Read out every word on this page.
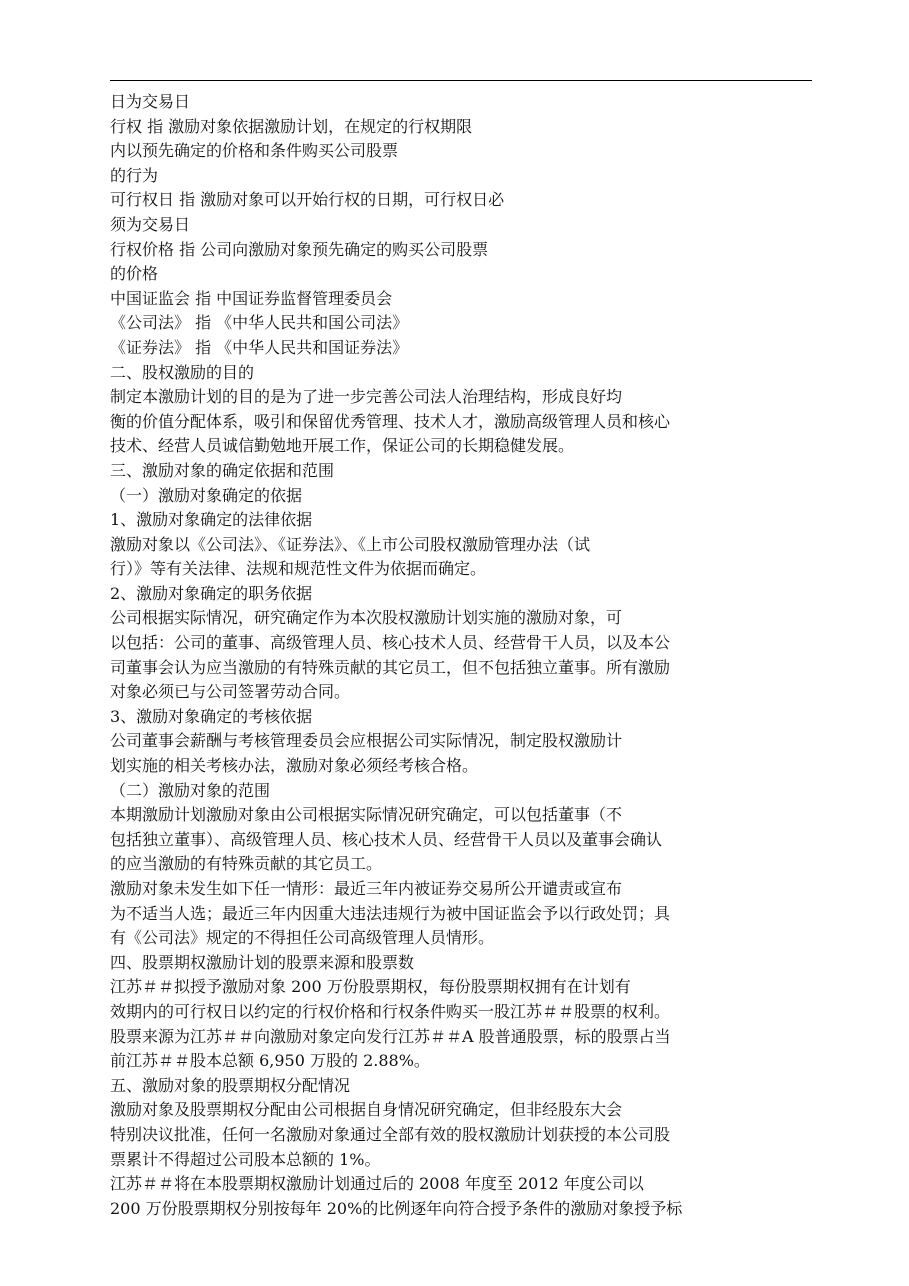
日为交易日
行权 指 激励对象依据激励计划，在规定的行权期限
内以预先确定的价格和条件购买公司股票
的行为
可行权日 指 激励对象可以开始行权的日期，可行权日必
须为交易日
行权价格 指 公司向激励对象预先确定的购买公司股票
的价格
中国证监会 指 中国证券监督管理委员会
《公司法》 指 《中华人民共和国公司法》
《证券法》 指 《中华人民共和国证券法》
二、股权激励的目的
制定本激励计划的目的是为了进一步完善公司法人治理结构，形成良好均
衡的价值分配体系，吸引和保留优秀管理、技术人才，激励高级管理人员和核心
技术、经营人员诚信勤勉地开展工作，保证公司的长期稳健发展。
三、激励对象的确定依据和范围
（一）激励对象确定的依据
1、激励对象确定的法律依据
激励对象以《公司法》、《证券法》、《上市公司股权激励管理办法（试
行）》等有关法律、法规和规范性文件为依据而确定。
2、激励对象确定的职务依据
公司根据实际情况，研究确定作为本次股权激励计划实施的激励对象，可
以包括：公司的董事、高级管理人员、核心技术人员、经营骨干人员，以及本公
司董事会认为应当激励的有特殊贡献的其它员工，但不包括独立董事。所有激励
对象必须已与公司签署劳动合同。
3、激励对象确定的考核依据
公司董事会薪酬与考核管理委员会应根据公司实际情况，制定股权激励计
划实施的相关考核办法，激励对象必须经考核合格。
（二）激励对象的范围
本期激励计划激励对象由公司根据实际情况研究确定，可以包括董事（不
包括独立董事）、高级管理人员、核心技术人员、经营骨干人员以及董事会确认
的应当激励的有特殊贡献的其它员工。
激励对象未发生如下任一情形：最近三年内被证券交易所公开谴责或宣布
为不适当人选；最近三年内因重大违法违规行为被中国证监会予以行政处罚；具
有《公司法》规定的不得担任公司高级管理人员情形。
四、股票期权激励计划的股票来源和股票数
江苏＃＃拟授予激励对象 200 万份股票期权，每份股票期权拥有在计划有
效期内的可行权日以约定的行权价格和行权条件购买一股江苏＃＃股票的权利。
股票来源为江苏＃＃向激励对象定向发行江苏＃＃A 股普通股票，标的股票占当
前江苏＃＃股本总额 6,950 万股的 2.88%。
五、激励对象的股票期权分配情况
激励对象及股票期权分配由公司根据自身情况研究确定，但非经股东大会
特别决议批准，任何一名激励对象通过全部有效的股权激励计划获授的本公司股
票累计不得超过公司股本总额的 1%。
江苏＃＃将在本股票期权激励计划通过后的 2008 年度至 2012 年度公司以
200 万份股票期权分别按每年 20%的比例逐年向符合授予条件的激励对象授予标
